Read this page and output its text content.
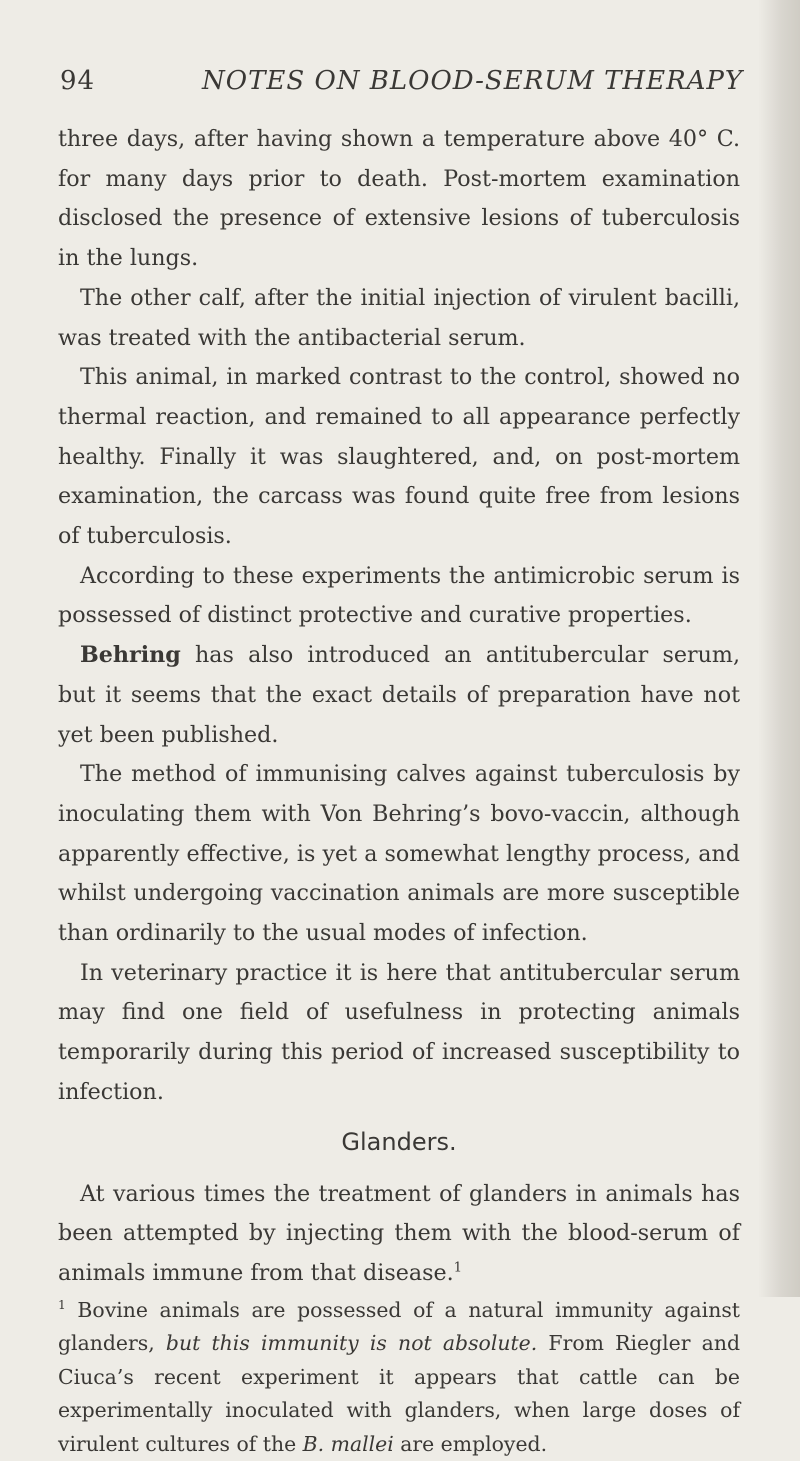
94	NOTES ON BLOOD-SERUM THERAPY

three days, after having shown a temperature above 40° C. for many days prior to death. Post-mortem examination disclosed the presence of extensive lesions of tuberculosis in the lungs.

The other calf, after the initial injection of virulent bacilli, was treated with the antibacterial serum.

This animal, in marked contrast to the control, showed no thermal reaction, and remained to all appearance perfectly healthy. Finally it was slaughtered, and, on post-mortem examination, the carcass was found quite free from lesions of tuberculosis.

According to these experiments the antimicrobic serum is possessed of distinct protective and curative properties.

Behring has also introduced an antitubercular serum, but it seems that the exact details of preparation have not yet been published.

The method of immunising calves against tuberculosis by inoculating them with Von Behring’s bovo-vaccin, although apparently effective, is yet a somewhat lengthy process, and whilst undergoing vaccination animals are more susceptible than ordinarily to the usual modes of infection.

In veterinary practice it is here that antitubercular serum may find one field of usefulness in protecting animals temporarily during this period of increased susceptibility to infection.

Glanders.

At various times the treatment of glanders in animals has been attempted by injecting them with the blood-serum of animals immune from that disease.$^1$

$^1$ Bovine animals are possessed of a natural immunity against glanders, but this immunity is not absolute. From Riegler and Ciuca’s recent experiment it appears that cattle can be experimentally inoculated with glanders, when large doses of virulent cultures of the B. mallei are employed.
